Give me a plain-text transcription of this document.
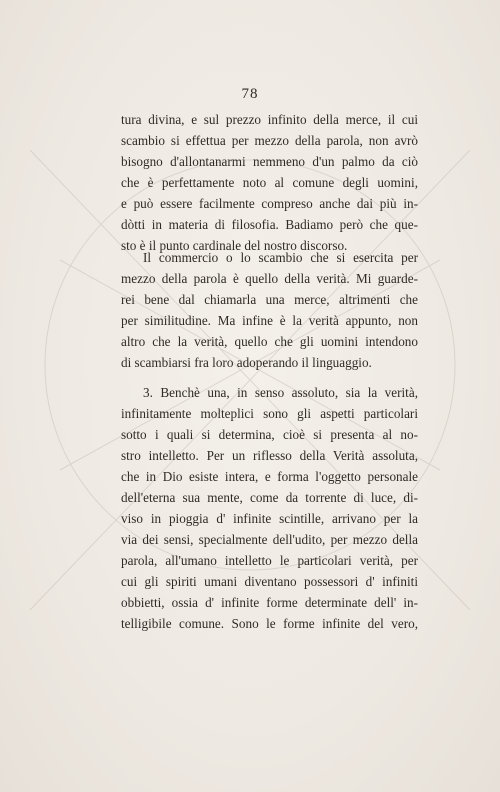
78
tura divina, e sul prezzo infinito della merce, il cui
scambio si effettua per mezzo della parola, non avrò
bisogno d'allontanarmi nemmeno d'un palmo da ciò
che è perfettamente noto al comune degli uomini,
e può essere facilmente compreso anche dai più in-
dòtti in materia di filosofia. Badiamo però che que-
sto è il punto cardinale del nostro discorso.
Il commercio o lo scambio che si esercita per
mezzo della parola è quello della verità. Mi guarde-
rei bene dal chiamarla una merce, altrimenti che
per similitudine. Ma infine è la verità appunto, non
altro che la verità, quello che gli uomini intendono
di scambiarsi fra loro adoperando il linguaggio.
3. Benchè una, in senso assoluto, sia la verità,
infinitamente molteplici sono gli aspetti particolari
sotto i quali si determina, cioè si presenta al no-
stro intelletto. Per un riflesso della Verità assoluta,
che in Dio esiste intera, e forma l'oggetto personale
dell'eterna sua mente, come da torrente di luce, di-
viso in pioggia d' infinite scintille, arrivano per la
via dei sensi, specialmente dell'udito, per mezzo della
parola, all'umano intelletto le particolari verità, per
cui gli spiriti umani diventano possessori d' infiniti
obbietti, ossia d' infinite forme determinate dell' in-
telligibile comune. Sono le forme infinite del vero,
